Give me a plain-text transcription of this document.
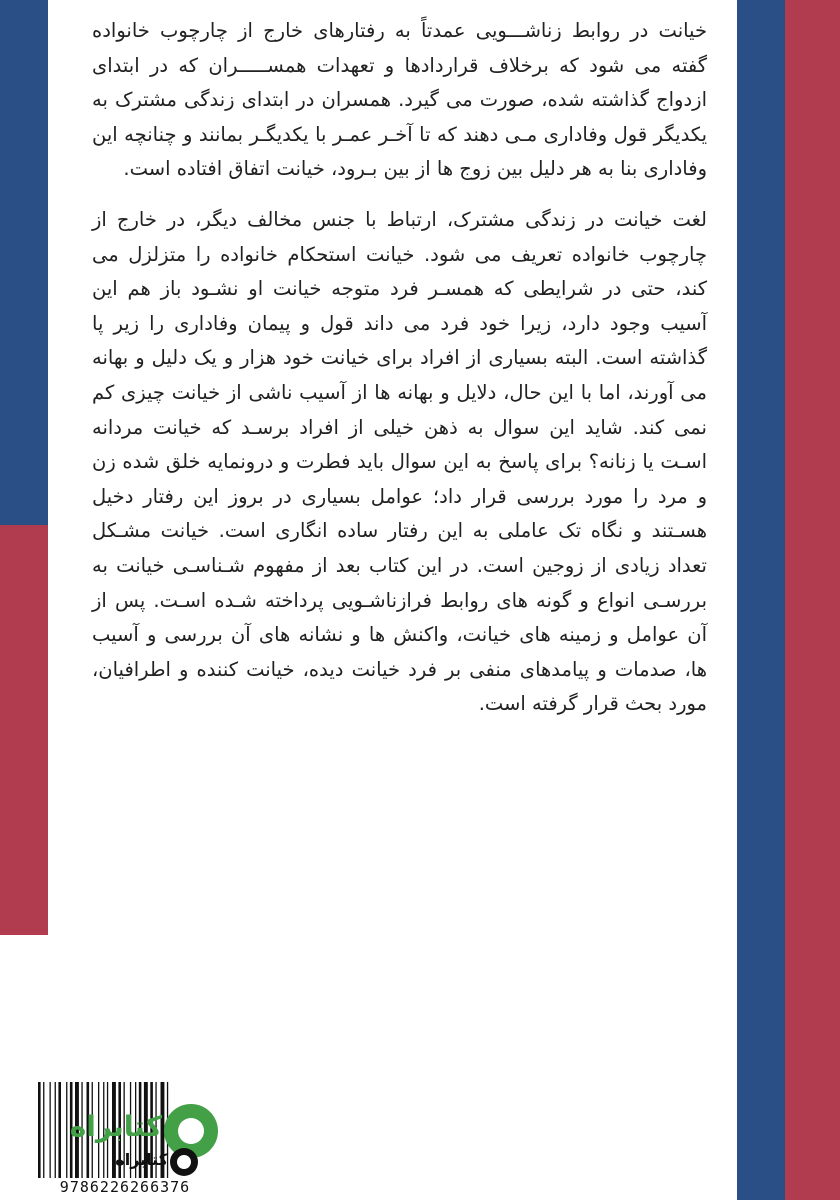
خیانت در روابط زناشـــویی عمدتاً به رفتارهای خارج از چارچوب خانواده گفته می شود که برخلاف قراردادها و تعهدات همســـــران که در ابتدای ازدواج گذاشته شده، صورت می گیرد. همسران در ابتدای زندگی مشترک به یکدیگر قول وفاداری مـی دهند که تا آخـر عمـر با یکدیگـر بمانند و چنانچه این وفاداری بنا به هر دلیل بین زوج ها از بین بـرود، خیانت اتفاق افتاده است.

لغت خیانت در زندگی مشترک، ارتباط با جنس مخالف دیگر، در خارج از چارچوب خانواده تعریف می شود. خیانت استحکام خانواده را متزلزل می کند، حتی در شرایطی که همسـر فرد متوجه خیانت او نشـود باز هم این آسیب وجود دارد، زیرا خود فرد می داند قول و پیمان وفاداری را زیر پا گذاشته است. البته بسیاری از افراد برای خیانت خود هزار و یک دلیل و بهانه می آورند، اما با این حال، دلایل و بهانه ها از آسیب ناشی از خیانت چیزی کم نمی کند. شاید این سوال به ذهن خیلی از افراد برسـد که خیانت مردانه اسـت یا زنانه؟ برای پاسخ به این سوال باید فطرت و درونمایه خلق شده زن و مرد را مورد بررسی قرار داد؛ عوامل بسیاری در بروز این رفتار دخیل هسـتند و نگاه تک عاملی به این رفتار ساده انگاری است. خیانت مشـکل تعداد زیادی از زوجین است. در این کتاب بعد از مفهوم شـناسـی خیانت به بررسـی انواع و گونه های روابط فرازناشـویی پرداخته شـده اسـت. پس از آن عوامل و زمینه های خیانت، واکنش ها و نشانه های آن بررسی و آسیب ها، صدمات و پیامدهای منفی بر فرد خیانت دیده، خیانت کننده و اطرافیان، مورد بحث قرار گرفته است.

کتابراه
کتابراه
9786226266376
